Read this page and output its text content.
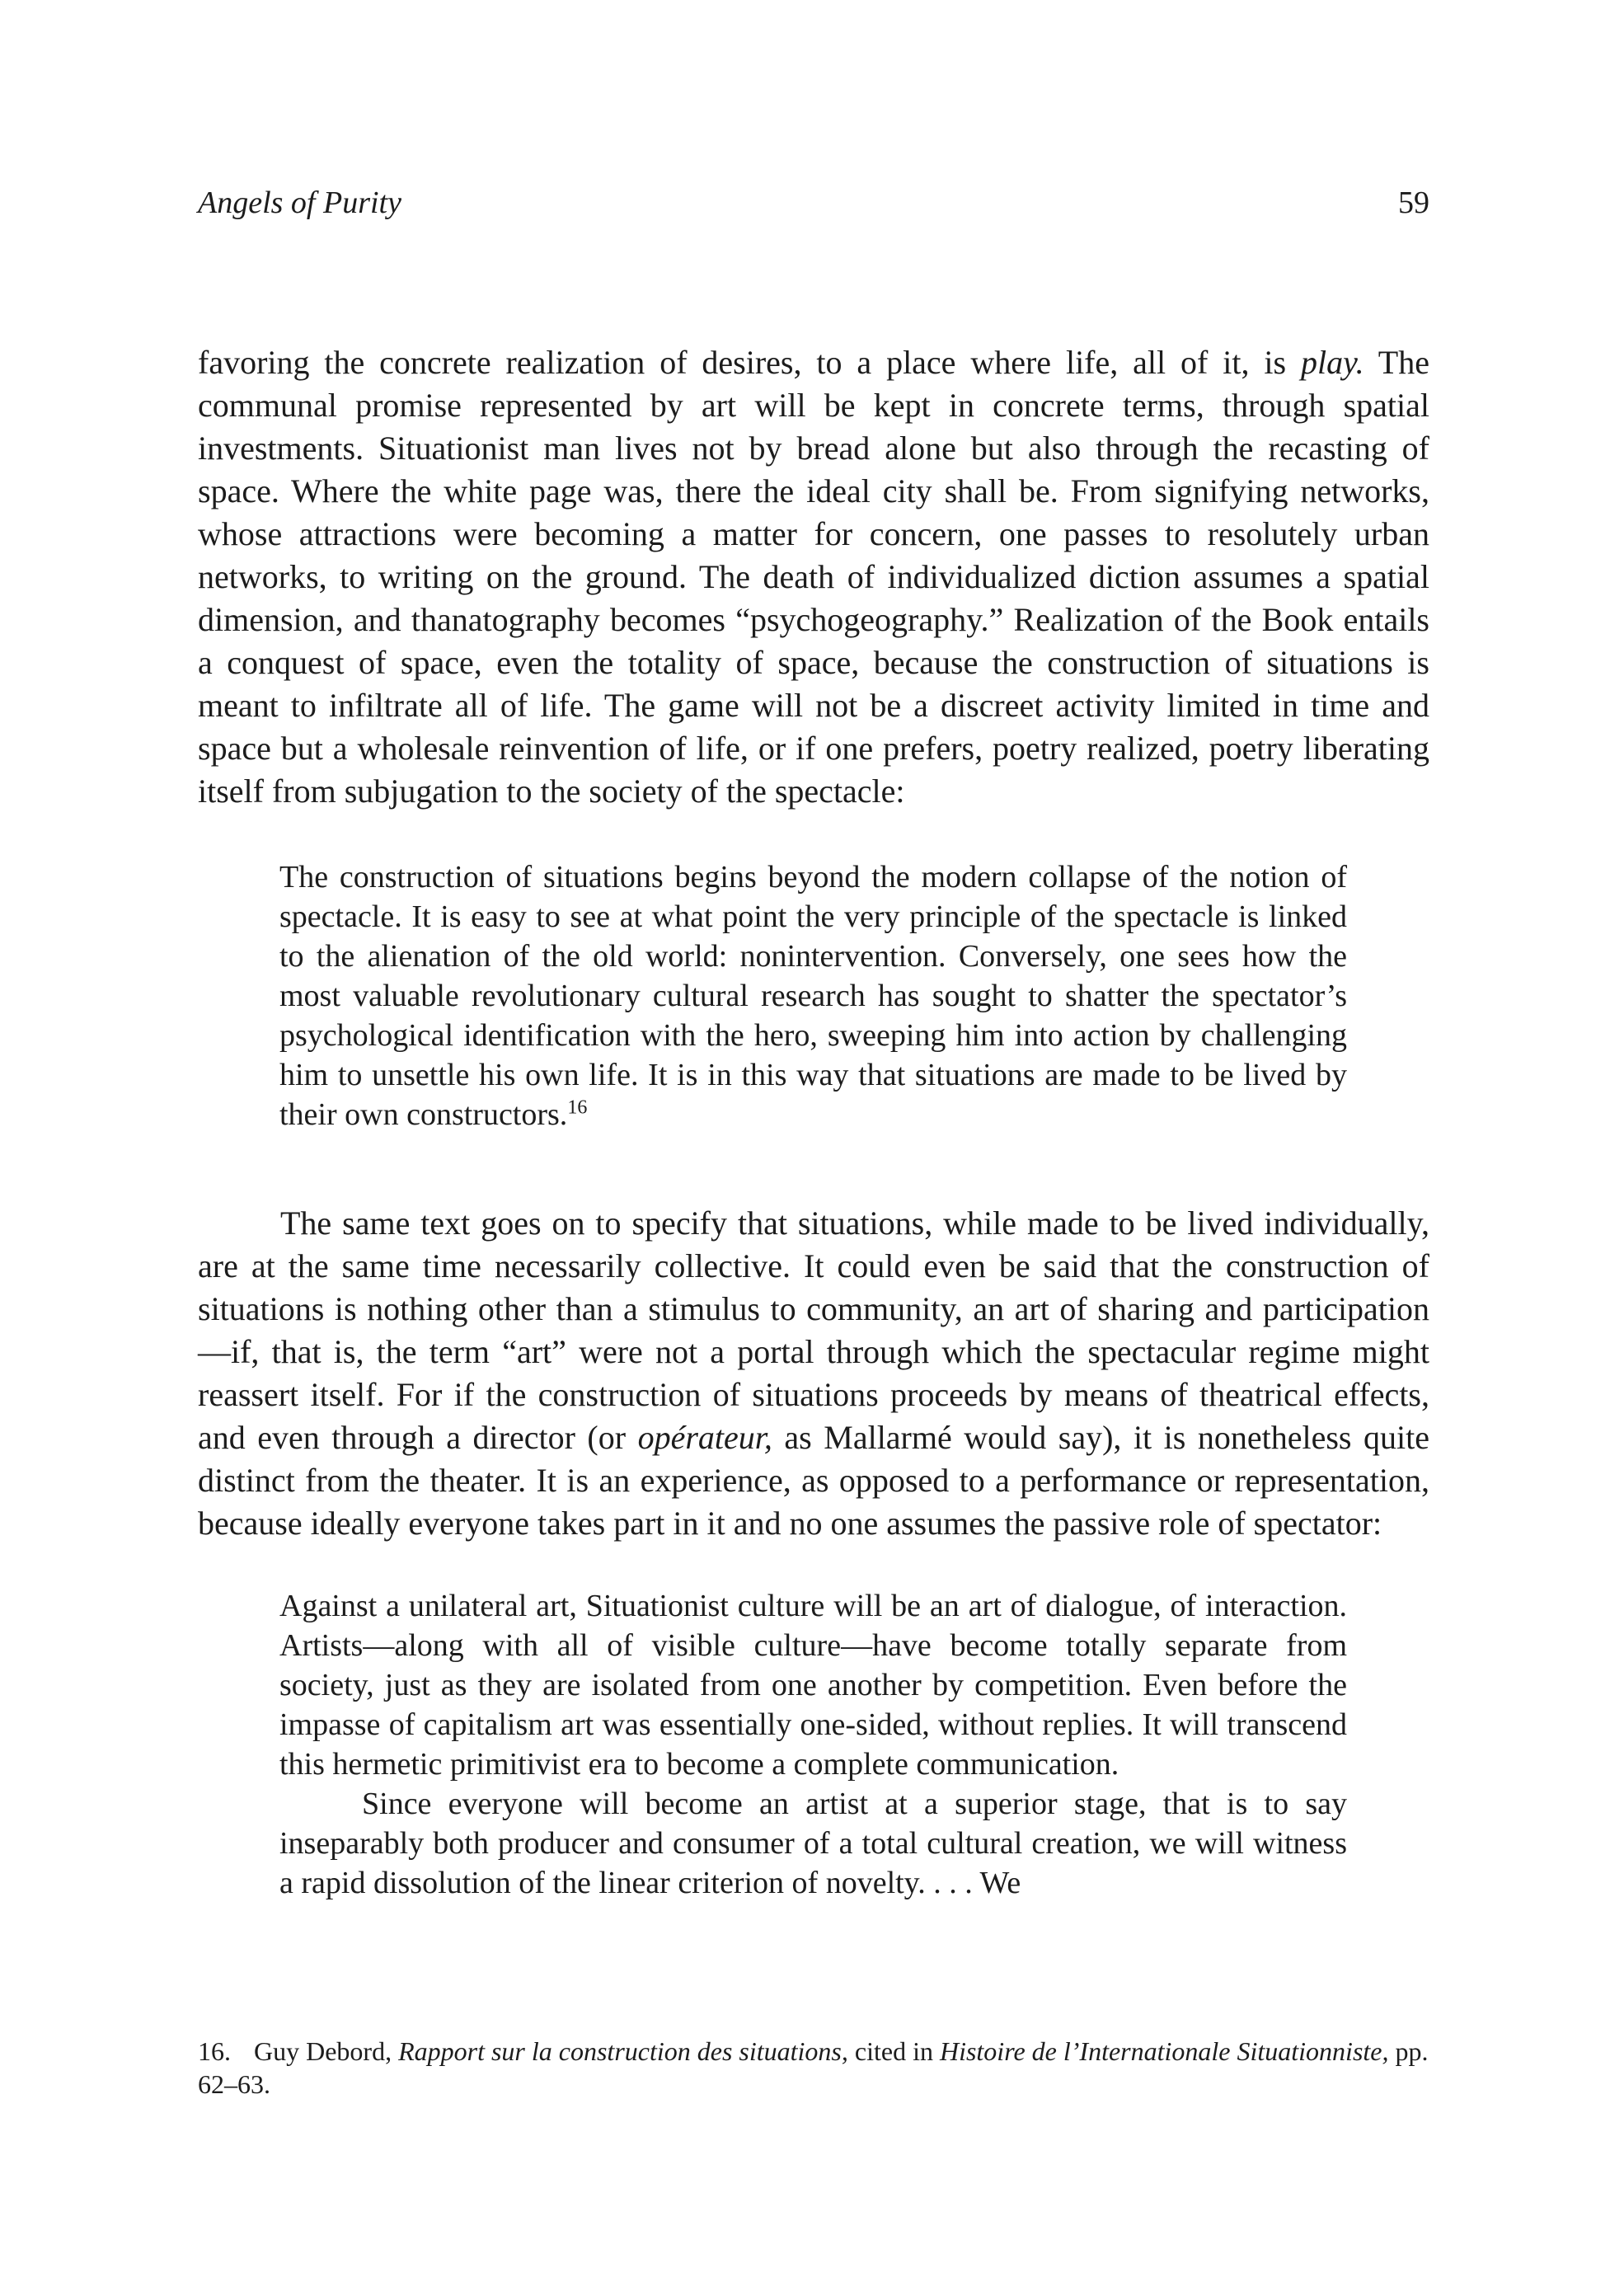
Angels of Purity	59

favoring the concrete realization of desires, to a place where life, all of it, is play. The communal promise represented by art will be kept in concrete terms, through spatial investments. Situationist man lives not by bread alone but also through the recasting of space. Where the white page was, there the ideal city shall be. From signifying networks, whose attractions were becoming a matter for concern, one passes to resolutely urban networks, to writing on the ground. The death of individualized diction assumes a spatial dimension, and thanatography becomes “psychogeography.” Realization of the Book entails a conquest of space, even the totality of space, because the construction of situations is meant to infiltrate all of life. The game will not be a discreet activity limited in time and space but a wholesale reinvention of life, or if one prefers, poetry realized, poetry liberating itself from subjugation to the society of the spectacle:

The construction of situations begins beyond the modern collapse of the notion of spectacle. It is easy to see at what point the very principle of the spectacle is linked to the alienation of the old world: nonintervention. Conversely, one sees how the most valuable revolutionary cultural research has sought to shatter the spectator’s psychological identification with the hero, sweeping him into action by challenging him to unsettle his own life. It is in this way that situations are made to be lived by their own constructors.$^{16}$

The same text goes on to specify that situations, while made to be lived individually, are at the same time necessarily collective. It could even be said that the construction of situations is nothing other than a stimulus to community, an art of sharing and participation—if, that is, the term “art” were not a portal through which the spectacular regime might reassert itself. For if the construction of situations proceeds by means of theatrical effects, and even through a director (or opérateur, as Mallarmé would say), it is nonetheless quite distinct from the theater. It is an experience, as opposed to a performance or representation, because ideally everyone takes part in it and no one assumes the passive role of spectator:

Against a unilateral art, Situationist culture will be an art of dialogue, of interaction. Artists—along with all of visible culture—have become totally separate from society, just as they are isolated from one another by competition. Even before the impasse of capitalism art was essentially one-sided, without replies. It will transcend this hermetic primitivist era to become a complete communication.

Since everyone will become an artist at a superior stage, that is to say inseparably both producer and consumer of a total cultural creation, we will witness a rapid dissolution of the linear criterion of novelty. . . . We

16. Guy Debord, Rapport sur la construction des situations, cited in Histoire de l’Internationale Situationniste, pp. 62–63.
